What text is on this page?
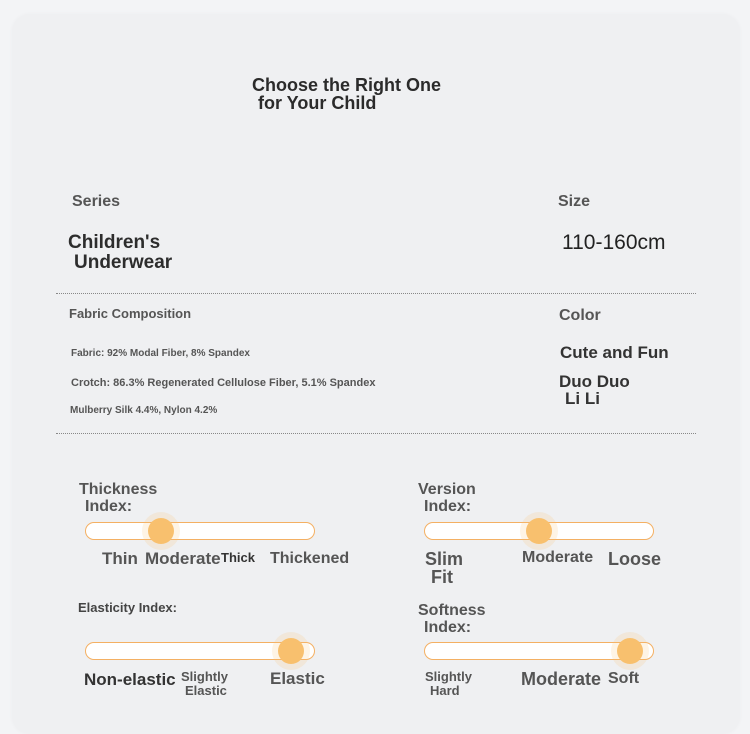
Choose the Right One
for Your Child
Series
Children's
Underwear
Size
110-160cm
Fabric Composition
Fabric: 92% Modal Fiber, 8% Spandex
Crotch: 86.3% Regenerated Cellulose Fiber, 5.1% Spandex
Mulberry Silk 4.4%, Nylon 4.2%
Color
Cute and Fun
Duo Duo
Li Li
Thickness
Index:
Thin Moderate Thick Thickened
Version
Index:
Slim
Fit
Moderate Loose
Elasticity Index:
Non-elastic Slightly
Elastic
Elastic
Softness
Index:
Slightly
Hard
Moderate Soft
